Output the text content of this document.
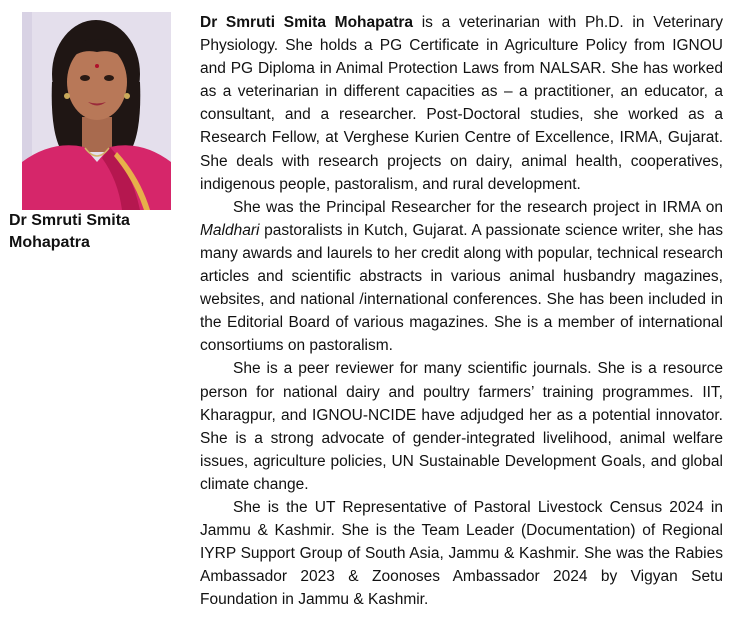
Dr Smruti Smita
Mohapatra

Dr Smruti Smita Mohapatra is a veterinarian with Ph.D. in Veterinary Physiology. She holds a PG Certificate in Agriculture Policy from IGNOU and PG Diploma in Animal Protection Laws from NALSAR. She has worked as a veterinarian in different capacities as – a practitioner, an educator, a consultant, and a researcher. Post-Doctoral studies, she worked as a Research Fellow, at Verghese Kurien Centre of Excellence, IRMA, Gujarat. She deals with research projects on dairy, animal health, cooperatives, indigenous people, pastoralism, and rural development.

She was the Principal Researcher for the research project in IRMA on Maldhari pastoralists in Kutch, Gujarat. A passionate science writer, she has many awards and laurels to her credit along with popular, technical research articles and scientific abstracts in various animal husbandry magazines, websites, and national /international conferences. She has been included in the Editorial Board of various magazines. She is a member of international consortiums on pastoralism.

She is a peer reviewer for many scientific journals. She is a resource person for national dairy and poultry farmers’ training programmes. IIT, Kharagpur, and IGNOU-NCIDE have adjudged her as a potential innovator. She is a strong advocate of gender-integrated livelihood, animal welfare issues, agriculture policies, UN Sustainable Development Goals, and global climate change.

She is the UT Representative of Pastoral Livestock Census 2024 in Jammu & Kashmir. She is the Team Leader (Documentation) of Regional IYRP Support Group of South Asia, Jammu & Kashmir. She was the Rabies Ambassador 2023 & Zoonoses Ambassador 2024 by Vigyan Setu Foundation in Jammu & Kashmir.
